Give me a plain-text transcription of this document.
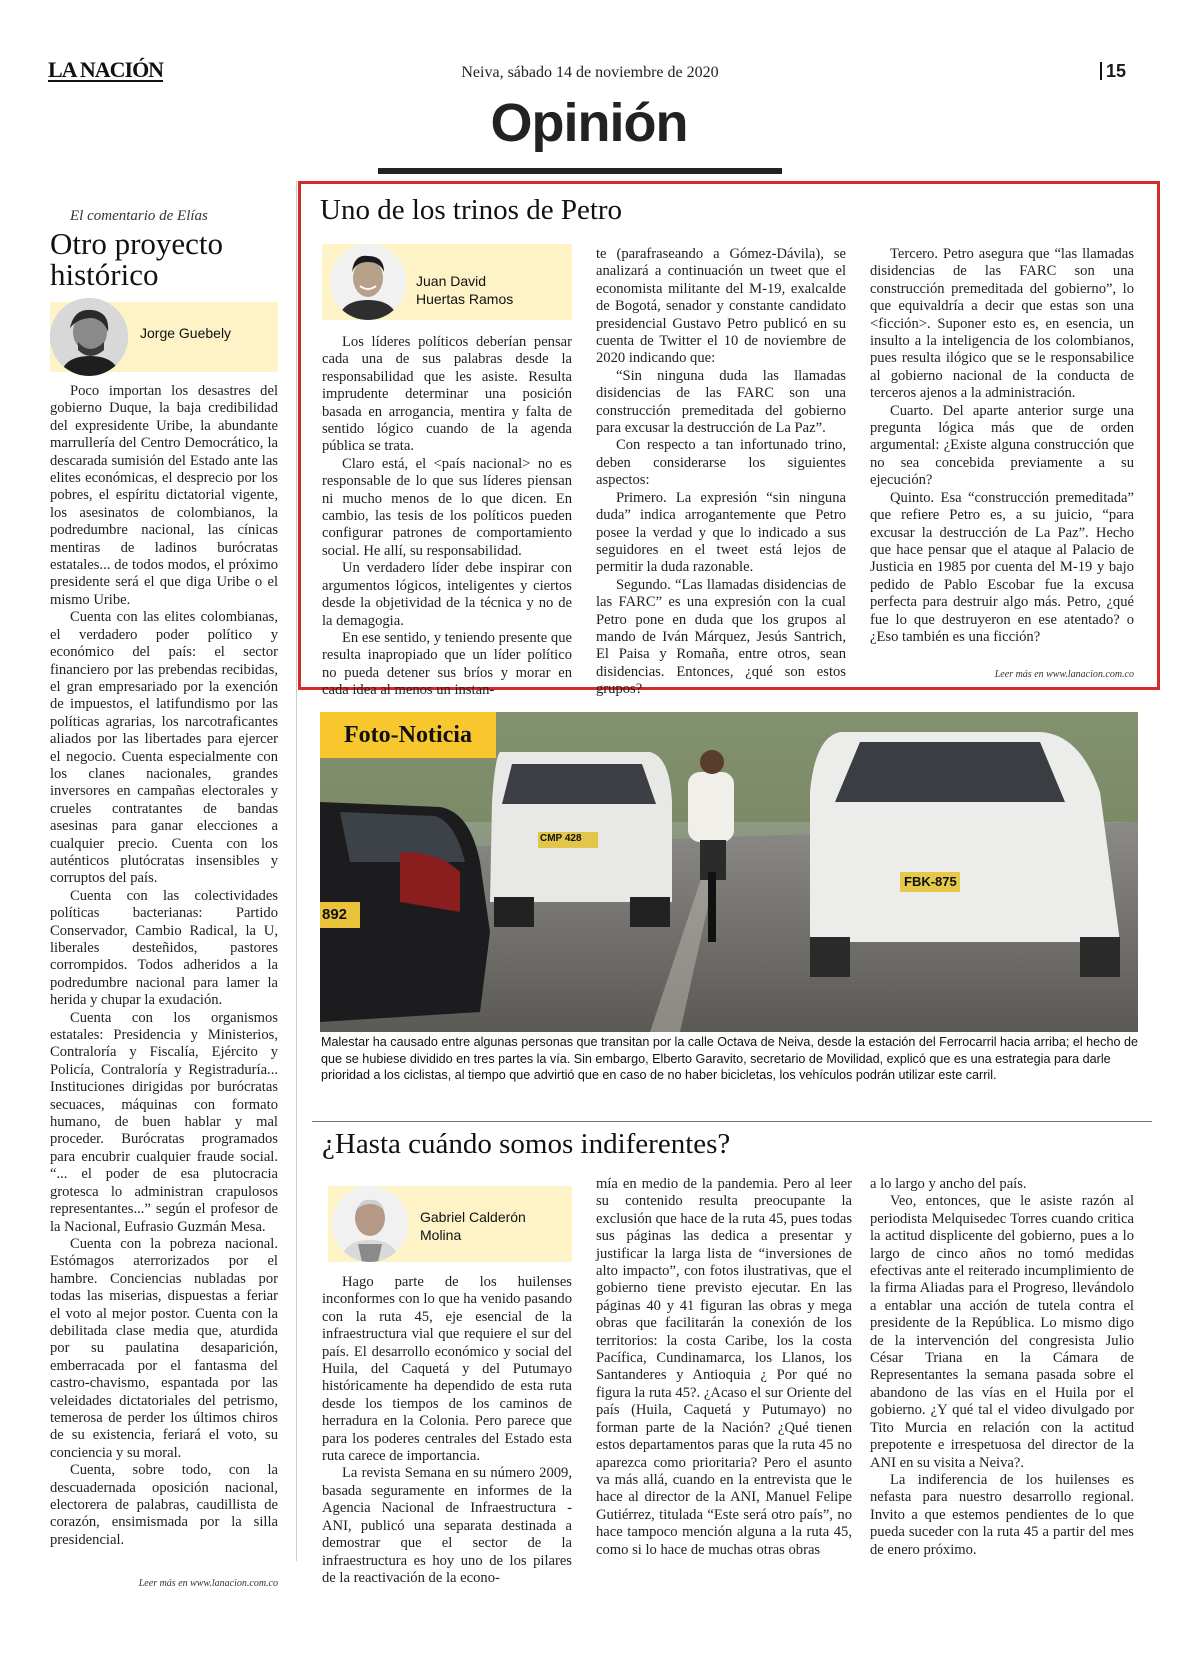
LA NACIÓN	Neiva, sábado 14 de noviembre de 2020	15
Opinión
El comentario de Elías
Otro proyecto histórico
Jorge Guebely

Poco importan los desastres del gobierno Duque, la baja credibilidad del expresidente Uribe, la abundante marrullería del Centro Democrático, la descarada sumisión del Estado ante las elites económicas, el desprecio por los pobres, el espíritu dictatorial vigente, los asesinatos de colombianos, la podredumbre nacional, las cínicas mentiras de ladinos burócratas estatales... de todos modos, el próximo presidente será el que diga Uribe o el mismo Uribe.

Cuenta con las elites colombianas, el verdadero poder político y económico del país: el sector financiero por las prebendas recibidas, el gran empresariado por la exención de impuestos, el latifundismo por las políticas agrarias, los narcotraficantes aliados por las libertades para ejercer el negocio. Cuenta especialmente con los clanes nacionales, grandes inversores en campañas electorales y crueles contratantes de bandas asesinas para ganar elecciones a cualquier precio. Cuenta con los auténticos plutócratas insensibles y corruptos del país.

Cuenta con las colectividades políticas bacterianas: Partido Conservador, Cambio Radical, la U, liberales desteñidos, pastores corrompidos. Todos adheridos a la podredumbre nacional para lamer la herida y chupar la exudación.

Cuenta con los organismos estatales: Presidencia y Ministerios, Contraloría y Fiscalía, Ejército y Policía, Contraloría y Registraduría... Instituciones dirigidas por burócratas secuaces, máquinas con formato humano, de buen hablar y mal proceder. Burócratas programados para encubrir cualquier fraude social. “... el poder de esa plutocracia grotesca lo administran crapulosos representantes...” según el profesor de la Nacional, Eufrasio Guzmán Mesa.

Cuenta con la pobreza nacional. Estómagos aterrorizados por el hambre. Conciencias nubladas por todas las miserias, dispuestas a feriar el voto al mejor postor. Cuenta con la debilitada clase media que, aturdida por su paulatina desaparición, emberracada por el fantasma del castro-chavismo, espantada por las veleidades dictatoriales del petrismo, temerosa de perder los últimos chiros de su existencia, feriará el voto, su conciencia y su moral.

Cuenta, sobre todo, con la descuadernada oposición nacional, electorera de palabras, caudillista de corazón, ensimismada por la silla presidencial.

Leer más en www.lanacion.com.co
Uno de los trinos de Petro
Juan David
Huertas Ramos

Los líderes políticos deberían pensar cada una de sus palabras desde la responsabilidad que les asiste. Resulta imprudente determinar una posición basada en arrogancia, mentira y falta de sentido lógico cuando de la agenda pública se trata.

Claro está, el <país nacional> no es responsable de lo que sus líderes piensan ni mucho menos de lo que dicen. En cambio, las tesis de los políticos pueden configurar patrones de comportamiento social. He allí, su responsabilidad.

Un verdadero líder debe inspirar con argumentos lógicos, inteligentes y ciertos desde la objetividad de la técnica y no de la demagogia.

En ese sentido, y teniendo presente que resulta inapropiado que un líder político no pueda detener sus bríos y morar en cada idea al menos un instan-

te (parafraseando a Gómez-Dávila), se analizará a continuación un tweet que el economista militante del M-19, exalcalde de Bogotá, senador y constante candidato presidencial Gustavo Petro publicó en su cuenta de Twitter el 10 de noviembre de 2020 indicando que:

“Sin ninguna duda las llamadas disidencias de las FARC son una construcción premeditada del gobierno para excusar la destrucción de La Paz”.

Con respecto a tan infortunado trino, deben considerarse los siguientes aspectos:

Primero. La expresión “sin ninguna duda” indica arrogantemente que Petro posee la verdad y que lo indicado a sus seguidores en el tweet está lejos de permitir la duda razonable.

Segundo. “Las llamadas disidencias de las FARC” es una expresión con la cual Petro pone en duda que los grupos al mando de Iván Márquez, Jesús Santrich, El Paisa y Romaña, entre otros, sean disidencias. Entonces, ¿qué son estos grupos?

Tercero. Petro asegura que “las llamadas disidencias de las FARC son una construcción premeditada del gobierno”, lo que equivaldría a decir que estas son una <ficción>. Suponer esto es, en esencia, un insulto a la inteligencia de los colombianos, pues resulta ilógico que se le responsabilice al gobierno nacional de la conducta de terceros ajenos a la administración.

Cuarto. Del aparte anterior surge una pregunta lógica más que de orden argumental: ¿Existe alguna construcción que no sea concebida previamente a su ejecución?

Quinto. Esa “construcción premeditada” que refiere Petro es, a su juicio, “para excusar la destrucción de La Paz”. Hecho que hace pensar que el ataque al Palacio de Justicia en 1985 por cuenta del M-19 y bajo pedido de Pablo Escobar fue la excusa perfecta para destruir algo más. Petro, ¿qué fue lo que destruyeron en ese atentado? o ¿Eso también es una ficción?

Leer más en www.lanacion.com.co
892
CMP 428
FBK-875
Foto-Noticia
Malestar ha causado entre algunas personas que transitan por la calle Octava de Neiva, desde la estación del Ferrocarril hacia arriba; el hecho de que se hubiese dividido en tres partes la vía. Sin embargo, Elberto Garavito, secretario de Movilidad, explicó que es una estrategia para darle prioridad a los ciclistas, al tiempo que advirtió que en caso de no haber bicicletas, los vehículos podrán utilizar este carril.
¿Hasta cuándo somos indiferentes?
Gabriel Calderón
Molina

Hago parte de los huilenses inconformes con lo que ha venido pasando con la ruta 45, eje esencial de la infraestructura vial que requiere el sur del país. El desarrollo económico y social del Huila, del Caquetá y del Putumayo históricamente ha dependido de esta ruta desde los tiempos de los caminos de herradura en la Colonia. Pero parece que para los poderes centrales del Estado esta ruta carece de importancia.

La revista Semana en su número 2009, basada seguramente en informes de la Agencia Nacional de Infraestructura - ANI, publicó una separata destinada a demostrar que el sector de la infraestructura es hoy uno de los pilares de la reactivación de la econo-

mía en medio de la pandemia. Pero al leer su contenido resulta preocupante la exclusión que hace de la ruta 45, pues todas sus páginas las dedica a presentar y justificar la larga lista de “inversiones de alto impacto”, con fotos ilustrativas, que el gobierno tiene previsto ejecutar. En las páginas 40 y 41 figuran las obras y mega obras que facilitarán la conexión de los territorios: la costa Caribe, los la costa Pacífica, Cundinamarca, los Llanos, los Santanderes y Antioquia ¿ Por qué no figura la ruta 45?. ¿Acaso el sur Oriente del país (Huila, Caquetá y Putumayo) no forman parte de la Nación? ¿Qué tienen estos departamentos paras que la ruta 45 no aparezca como prioritaria? Pero el asunto va más allá, cuando en la entrevista que le hace al director de la ANI, Manuel Felipe Gutiérrez, titulada “Este será otro país”, no hace tampoco mención alguna a la ruta 45, como si lo hace de muchas otras obras

a lo largo y ancho del país.

Veo, entonces, que le asiste razón al periodista Melquisedec Torres cuando critica la actitud displicente del gobierno, pues a lo largo de cinco años no tomó medidas efectivas ante el reiterado incumplimiento de la firma Aliadas para el Progreso, llevándolo a entablar una acción de tutela contra el presidente de la República. Lo mismo digo de la intervención del congresista Julio César Triana en la Cámara de Representantes la semana pasada sobre el abandono de las vías en el Huila por el gobierno. ¿Y qué tal el video divulgado por Tito Murcia en relación con la actitud prepotente e irrespetuosa del director de la ANI en su visita a Neiva?.

La indiferencia de los huilenses es nefasta para nuestro desarrollo regional. Invito a que estemos pendientes de lo que pueda suceder con la ruta 45 a partir del mes de enero próximo.
